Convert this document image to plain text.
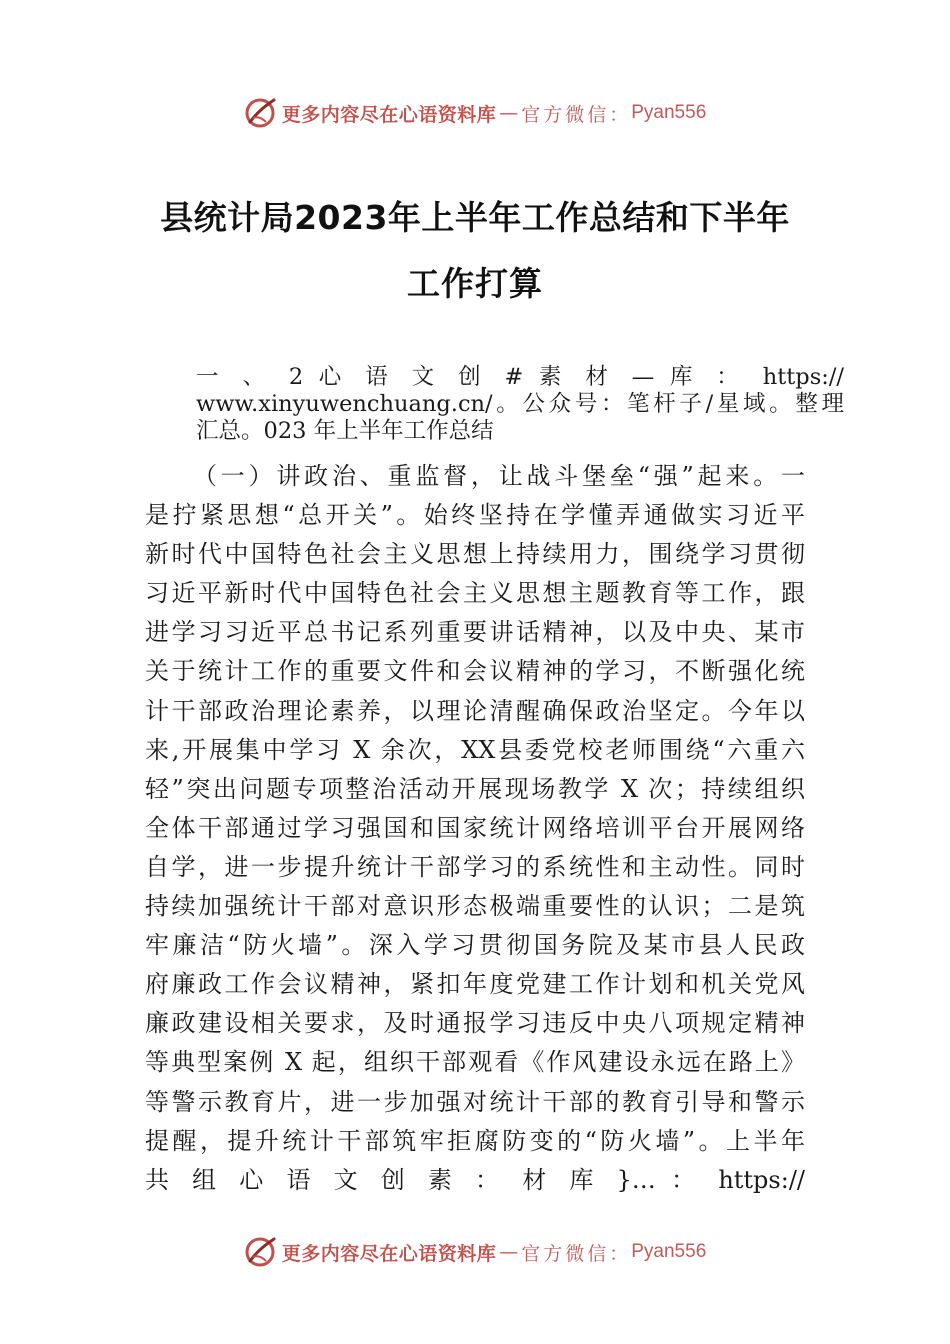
更多内容尽在心语资料库 — 官方微信： Pyan556
县统计局2023年上半年工作总结和下半年
工作打算
一 、 2 心 语 文 创 # 素 材 — 库 ： https://
www.xinyuwenchuang.cn/。公众号：笔杆子/星域。整理
汇总。023 年上半年工作总结
（一）讲政治、重监督，让战斗堡垒“强”起来。一
是拧紧思想“总开关”。始终坚持在学懂弄通做实习近平
新时代中国特色社会主义思想上持续用力，围绕学习贯彻
习近平新时代中国特色社会主义思想主题教育等工作，跟
进学习习近平总书记系列重要讲话精神，以及中央、某市
关于统计工作的重要文件和会议精神的学习，不断强化统
计干部政治理论素养，以理论清醒确保政治坚定。今年以
来,开展集中学习 X 余次，XX县委党校老师围绕“六重六
轻”突出问题专项整治活动开展现场教学 X 次；持续组织
全体干部通过学习强国和国家统计网络培训平台开展网络
自学，进一步提升统计干部学习的系统性和主动性。同时
持续加强统计干部对意识形态极端重要性的认识；二是筑
牢廉洁“防火墙”。深入学习贯彻国务院及某市县人民政
府廉政工作会议精神，紧扣年度党建工作计划和机关党风
廉政建设相关要求，及时通报学习违反中央八项规定精神
等典型案例 X 起，组织干部观看《作风建设永远在路上》
等警示教育片，进一步加强对统计干部的教育引导和警示
提醒，提升统计干部筑牢拒腐防变的“防火墙”。上半年
共 组 心 语 文 创 素 ： 材 库 }… ： https://
更多内容尽在心语资料库 — 官方微信： Pyan556
